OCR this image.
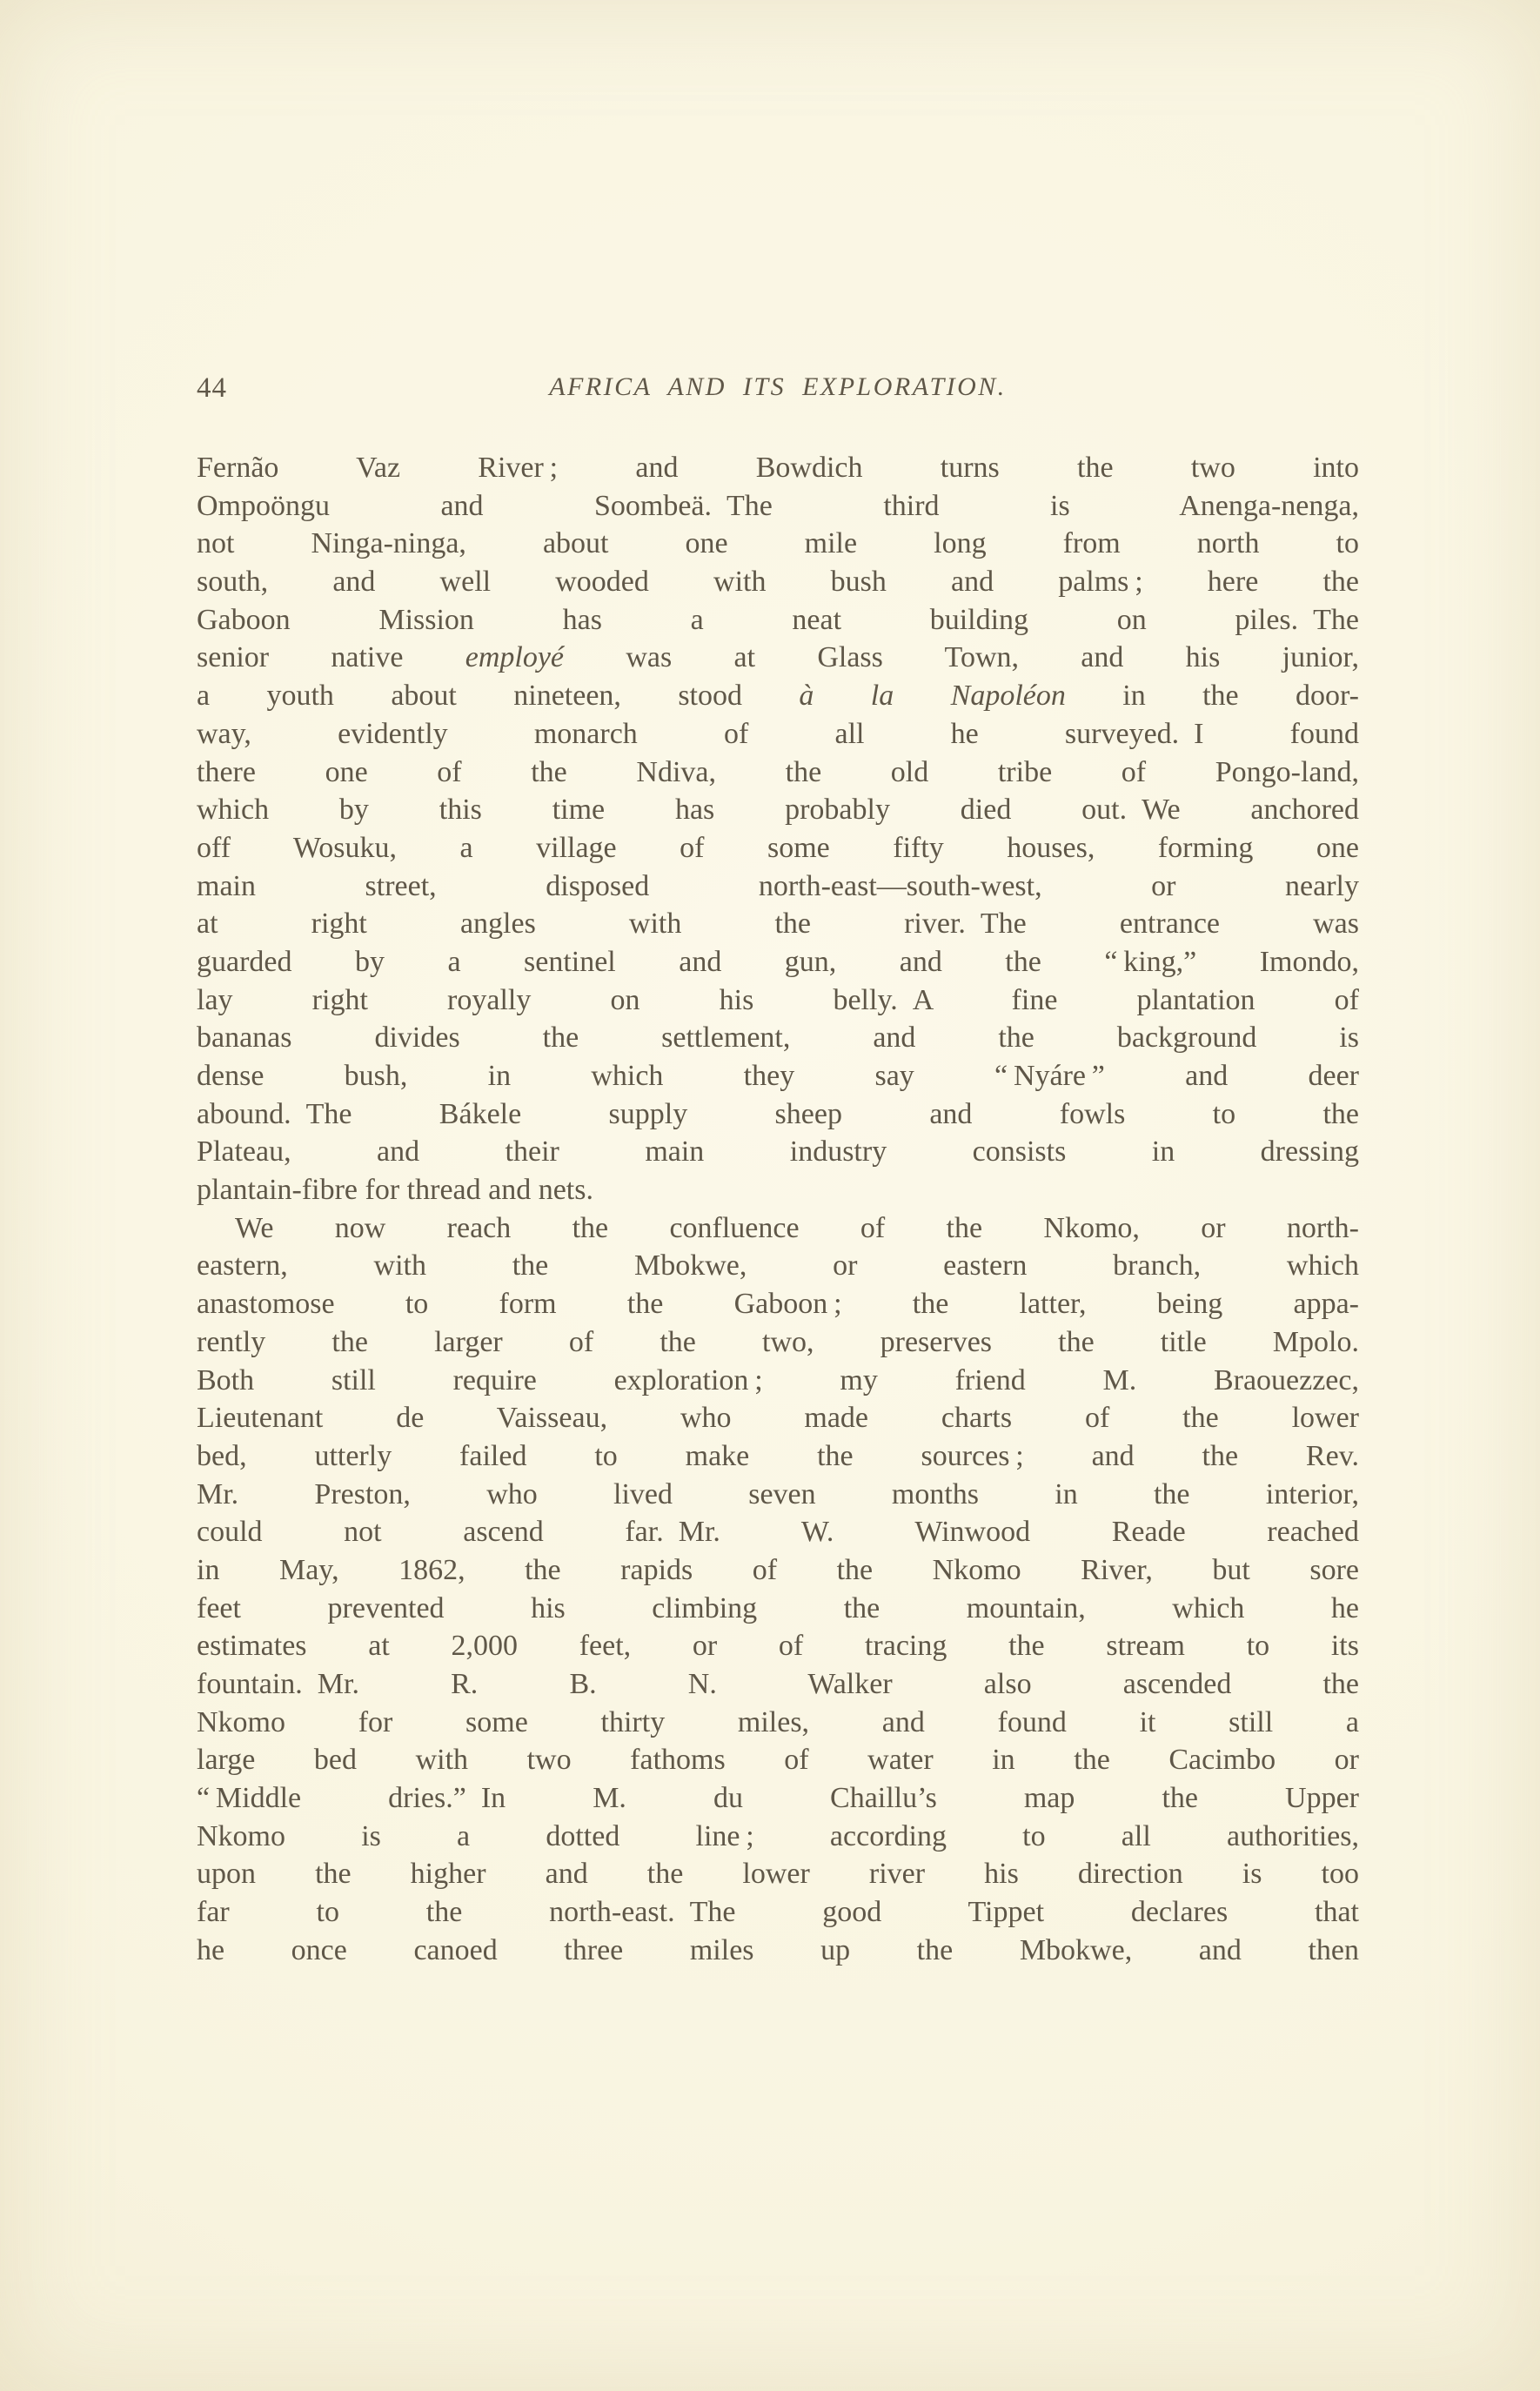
44	AFRICA AND ITS EXPLORATION.
Fernão Vaz River ; and Bowdich turns the two into
Ompoöngu and Soombeä. The third is Anenga-nenga,
not Ninga-ninga, about one mile long from north to
south, and well wooded with bush and palms ; here the
Gaboon Mission has a neat building on piles. The
senior native employé was at Glass Town, and his junior,
a youth about nineteen, stood à la Napoléon in the door-
way, evidently monarch of all he surveyed. I found
there one of the Ndiva, the old tribe of Pongo-land,
which by this time has probably died out. We anchored
off Wosuku, a village of some fifty houses, forming one
main street, disposed north-east—south-west, or nearly
at right angles with the river. The entrance was
guarded by a sentinel and gun, and the “ king,” Imondo,
lay right royally on his belly. A fine plantation of
bananas divides the settlement, and the background is
dense bush, in which they say “ Nyáre ” and deer
abound. The Bákele supply sheep and fowls to the
Plateau, and their main industry consists in dressing
plantain-fibre for thread and nets.
We now reach the confluence of the Nkomo, or north-
eastern, with the Mbokwe, or eastern branch, which
anastomose to form the Gaboon ; the latter, being appa-
rently the larger of the two, preserves the title Mpolo.
Both still require exploration ; my friend M. Braouezzec,
Lieutenant de Vaisseau, who made charts of the lower
bed, utterly failed to make the sources ; and the Rev.
Mr. Preston, who lived seven months in the interior,
could not ascend far. Mr. W. Winwood Reade reached
in May, 1862, the rapids of the Nkomo River, but sore
feet prevented his climbing the mountain, which he
estimates at 2,000 feet, or of tracing the stream to its
fountain. Mr. R. B. N. Walker also ascended the
Nkomo for some thirty miles, and found it still a
large bed with two fathoms of water in the Cacimbo or
“ Middle dries.” In M. du Chaillu’s map the Upper
Nkomo is a dotted line ; according to all authorities,
upon the higher and the lower river his direction is too
far to the north-east. The good Tippet declares that
he once canoed three miles up the Mbokwe, and then
